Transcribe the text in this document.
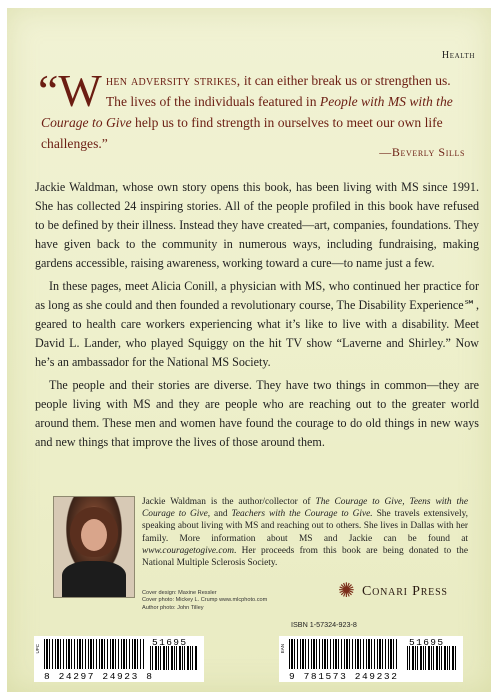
Health
“W hen adversity strikes, it can either break us or strengthen us. The lives of the individuals featured in People with MS with the Courage to Give help us to find strength in ourselves to meet our own life challenges.”
—Beverly Sills

Jackie Waldman, whose own story opens this book, has been living with MS since 1991. She has collected 24 inspiring stories. All of the people profiled in this book have refused to be defined by their illness. Instead they have created—art, companies, foundations. They have given back to the community in numerous ways, including fundraising, making gardens accessible, raising awareness, working toward a cure—to name just a few.

In these pages, meet Alicia Conill, a physician with MS, who continued her practice for as long as she could and then founded a revolutionary course, The Disability Experience℠, geared to health care workers experiencing what it’s like to live with a disability. Meet David L. Lander, who played Squiggy on the hit TV show “Laverne and Shirley.” Now he’s an ambassador for the National MS Society.

The people and their stories are diverse. They have two things in common—they are people living with MS and they are people who are reaching out to the greater world around them. These men and women have found the courage to do old things in new ways and new things that improve the lives of those around them.

Jackie Waldman is the author/collector of The Courage to Give, Teens with the Courage to Give, and Teachers with the Courage to Give. She travels extensively, speaking about living with MS and reaching out to others. She lives in Dallas with her family. More information about MS and Jackie can be found at www.couragetogive.com. Her proceeds from this book are being donated to the National Multiple Sclerosis Society.
Cover design: Maxine Ressler
Cover photo: Mickey L. Crump www.mlcphoto.com
Author photo: John Tilley
✺ Conari Press
ISBN 1-57324-923-8
UPC
8 24297 24923 8
51695
EAN
9 781573 249232
51695
